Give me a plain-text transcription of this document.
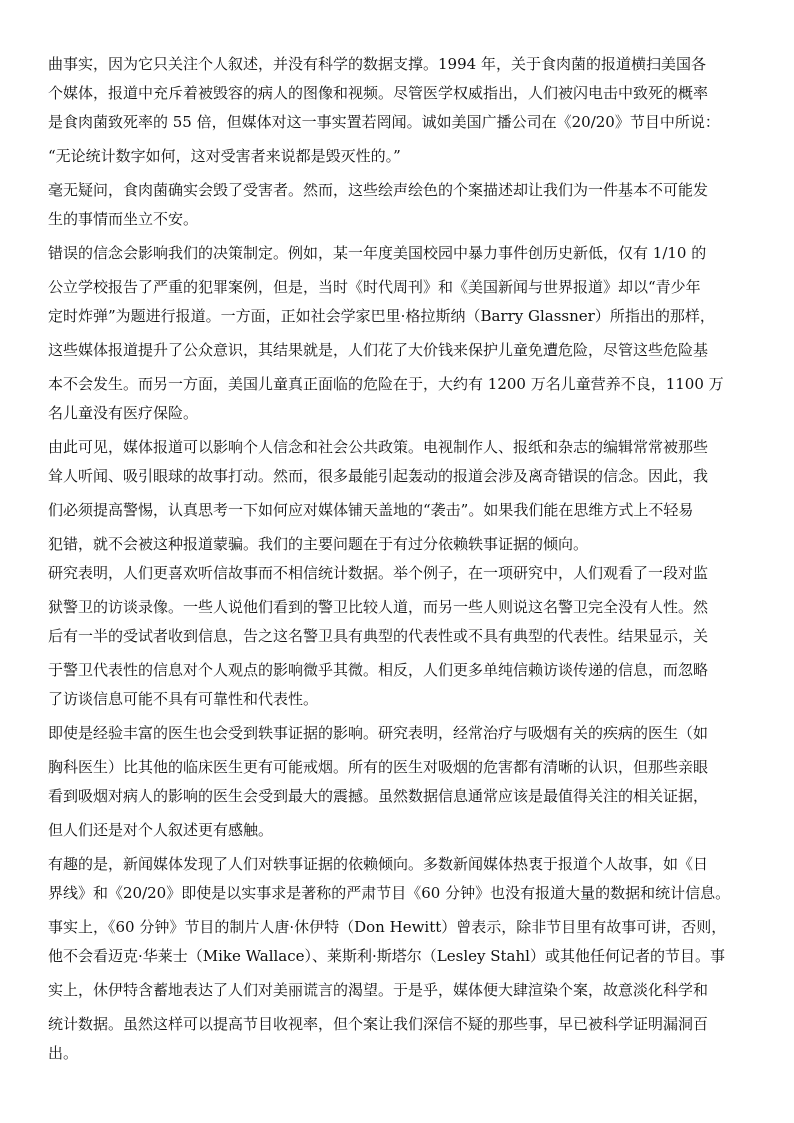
曲事实，因为它只关注个人叙述，并没有科学的数据支撑。1994 年，关于食肉菌的报道横扫美国各
个媒体，报道中充斥着被毁容的病人的图像和视频。尽管医学权威指出，人们被闪电击中致死的概率
是食肉菌致死率的 55 倍，但媒体对这一事实置若罔闻。诚如美国广播公司在《20/20》节目中所说：
“无论统计数字如何，这对受害者来说都是毁灭性的。”
毫无疑问，食肉菌确实会毁了受害者。然而，这些绘声绘色的个案描述却让我们为一件基本不可能发
生的事情而坐立不安。
错误的信念会影响我们的决策制定。例如，某一年度美国校园中暴力事件创历史新低，仅有 1/10 的
公立学校报告了严重的犯罪案例，但是，当时《时代周刊》和《美国新闻与世界报道》却以“青少年
定时炸弹”为题进行报道。一方面，正如社会学家巴里·格拉斯纳（Barry Glassner）所指出的那样，
这些媒体报道提升了公众意识，其结果就是，人们花了大价钱来保护儿童免遭危险，尽管这些危险基
本不会发生。而另一方面，美国儿童真正面临的危险在于，大约有 1200 万名儿童营养不良，1100 万
名儿童没有医疗保险。
由此可见，媒体报道可以影响个人信念和社会公共政策。电视制作人、报纸和杂志的编辑常常被那些
耸人听闻、吸引眼球的故事打动。然而，很多最能引起轰动的报道会涉及离奇错误的信念。因此，我
们必须提高警惕，认真思考一下如何应对媒体铺天盖地的“袭击”。如果我们能在思维方式上不轻易
犯错，就不会被这种报道蒙骗。我们的主要问题在于有过分依赖轶事证据的倾向。
研究表明，人们更喜欢听信故事而不相信统计数据。举个例子，在一项研究中，人们观看了一段对监
狱警卫的访谈录像。一些人说他们看到的警卫比较人道，而另一些人则说这名警卫完全没有人性。然
后有一半的受试者收到信息，告之这名警卫具有典型的代表性或不具有典型的代表性。结果显示，关
于警卫代表性的信息对个人观点的影响微乎其微。相反，人们更多单纯信赖访谈传递的信息，而忽略
了访谈信息可能不具有可靠性和代表性。
即使是经验丰富的医生也会受到轶事证据的影响。研究表明，经常治疗与吸烟有关的疾病的医生（如
胸科医生）比其他的临床医生更有可能戒烟。所有的医生对吸烟的危害都有清晰的认识，但那些亲眼
看到吸烟对病人的影响的医生会受到最大的震撼。虽然数据信息通常应该是最值得关注的相关证据，
但人们还是对个人叙述更有感触。
有趣的是，新闻媒体发现了人们对轶事证据的依赖倾向。多数新闻媒体热衷于报道个人故事，如《日
界线》和《20/20》即使是以实事求是著称的严肃节目《60 分钟》也没有报道大量的数据和统计信息。
事实上，《60 分钟》节目的制片人唐·休伊特（Don Hewitt）曾表示，除非节目里有故事可讲，否则，
他不会看迈克·华莱士（Mike Wallace）、莱斯利·斯塔尔（Lesley Stahl）或其他任何记者的节目。事
实上，休伊特含蓄地表达了人们对美丽谎言的渴望。于是乎，媒体便大肆渲染个案，故意淡化科学和
统计数据。虽然这样可以提高节目收视率，但个案让我们深信不疑的那些事，早已被科学证明漏洞百
出。
